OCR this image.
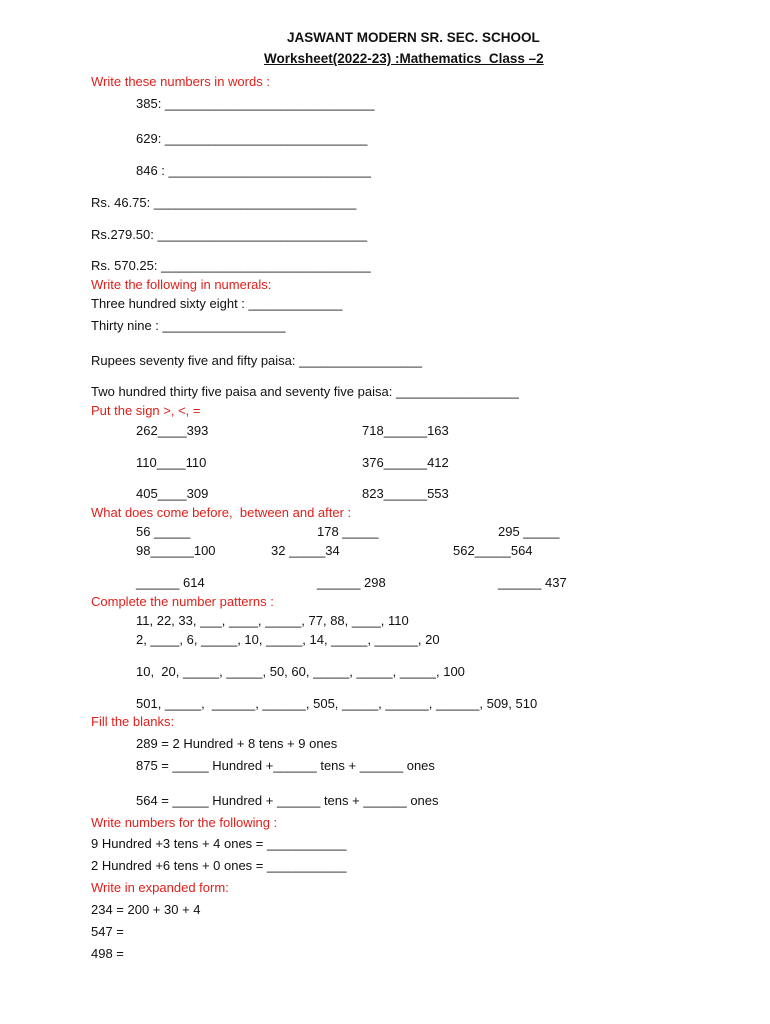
JASWANT MODERN SR. SEC. SCHOOL
Worksheet(2022-23) :Mathematics  Class –2
Write these numbers in words :
385: _____________________________
629: ____________________________
846 : ____________________________
Rs. 46.75: ____________________________
Rs.279.50: _____________________________
Rs. 570.25: _____________________________
Write the following in numerals:
Three hundred sixty eight : _____________
Thirty nine : _________________
Rupees seventy five and fifty paisa: _________________
Two hundred thirty five paisa and seventy five paisa: _________________
Put the sign >, <, =
262____393	718______163
110____110	376______412
405____309	823______553
What does come before,  between and after :
56 _____	178 _____	295 _____
98______100	32 _____34	562_____564
______ 614	______ 298	______ 437
Complete the number patterns :
11, 22, 33, ___, ____, _____, 77, 88, ____, 110
2, ____, 6, _____, 10, _____, 14, _____, ______, 20
10,  20, _____, _____, 50, 60, _____, _____, _____, 100
501, _____,  ______, ______, 505, _____, ______, ______, 509, 510
Fill the blanks:
289 = 2 Hundred + 8 tens + 9 ones
875 = _____ Hundred +______ tens + ______ ones
564 = _____ Hundred + ______ tens + ______ ones
Write numbers for the following :
9 Hundred +3 tens + 4 ones = ___________
2 Hundred +6 tens + 0 ones = ___________
Write in expanded form:
234 = 200 + 30 + 4
547 =
498 =
